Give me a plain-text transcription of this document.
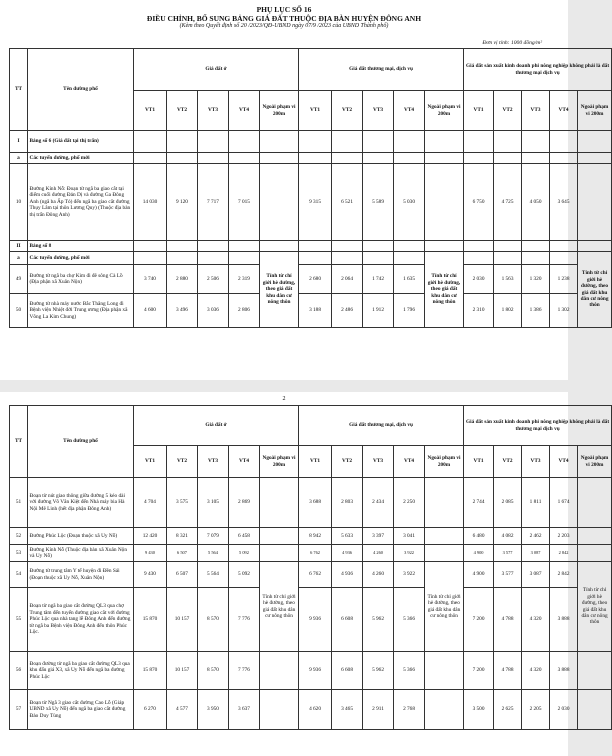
PHỤ LỤC SỐ 16
ĐIỀU CHỈNH, BỔ SUNG BẢNG GIÁ ĐẤT THUỘC ĐỊA BÀN HUYỆN ĐÔNG ANH
(Kèm theo Quyết định số 20 /2023/QĐ-UBND ngày 07/9 /2023 của UBND Thành phố)
Đơn vị tính: 1000 đồng/m²
TT	Tên đường phố	Giá đất ở					Giá đất thương mại, dịch vụ					Giá đất sản xuất kinh doanh phi nông nghiệp không phải là đất thương mại dịch vụ				
		VT1	VT2	VT3	VT4	Ngoài phạm vi 200m	VT1	VT2	VT3	VT4	Ngoài phạm vi 200m	VT1	VT2	VT3	VT4	Ngoài phạm vi 200m
I	Bảng số 6 (Giá đất tại thị trấn)															
a	Các tuyến đường, phố mới															
10	Đường Kính Nỗ: Đoạn từ ngã ba giao cắt tại điểm cuối đường Đản Dị và đường Ga Đông Anh (ngã ba Ấp Tó) đến ngã ba giao cắt đường Thụy Lâm tại thôn Lương Quy) (Thuộc địa bàn thị trấn Đông Anh)	14 030	9 120	7 717	7 015		9 315	6 521	5 589	5 030		6 750	4 725	4 050	3 645	
II	Bảng số 8															
a	Các tuyến đường, phố mới					Tính từ chỉ giới hè đường, theo giá đất khu dân cư nông thôn					Tính từ chỉ giới hè đường, theo giá đất khu dân cư nông thôn					Tính từ chỉ giới hè đường, theo giá đất khu dân cư nông thôn
49	Đường từ ngã ba chợ Kim đi đê sông Cà Lồ (Địa phận xã Xuân Nộn)	3 740	2 880	2 506	2 319		2 680	2 064	1 742	1 635		2 030	1 563	1 320	1 238	
50	Đường từ nhà máy nước Bắc Thăng Long đi Bệnh viện Nhiệt đới Trung ương (Địa phận xã Võng La Kim Chung)	4 600	3 496	3 036	2 806		3 188	2 486	1 912	1 796		2 310	1 802	1 386	1 302	
2
TT	Tên đường phố	Giá đất ở					Giá đất thương mại, dịch vụ					Giá đất sản xuất kinh doanh phi nông nghiệp không phải là đất thương mại dịch vụ				
		VT1	VT2	VT3	VT4	Ngoài phạm vi 200m	VT1	VT2	VT3	VT4	Ngoài phạm vi 200m	VT1	VT2	VT3	VT4	Ngoài phạm vi 200m
51	Đoạn từ nút giao thông giữa đường 5 kéo dài với đường Võ Văn Kiệt đến Nhà máy bia Hà Nội Mê Linh (hết địa phận Đông Anh)	4 704	3 575	3 105	2 869		3 688	2 803	2 434	2 250		2 744	2 085	1 811	1 674	
52	Đường Phúc Lộc (Đoạn thuộc xã Uy Nỗ)	12 420	8 321	7 079	6 458		8 942	5 633	3 397	3 041		6 480	4 082	2 462	2 203	
53	Đường Kính Nỗ (Thuộc địa bàn xã Xuân Nộn và Uy Nỗ)	9 430	6 507	5 564	5 092		6 762	4 936	4 260	3 922		4 900	3 577	3 087	2 842	
54	Đường từ trung tâm Y tế huyện đi Đền Sái (Đoạn thuộc xã Uy Nỗ, Xuân Nộn)	9 430	6 507	5 564	5 092	Tính từ chỉ giới hè đường, theo giá đất khu dân cư nông thôn	6 762	4 936	4 260	3 922	Tính từ chỉ giới hè đường, theo giá đất khu dân cư nông thôn	4 900	3 577	3 087	2 842	Tính từ chỉ giới hè đường, theo giá đất khu dân cư nông thôn
55	Đoạn từ ngã ba giao cắt đường QL3 qua chợ Trung tâm đến tuyến đường giao cắt với đường Phúc Lộc qua nhà tang lễ Đông Anh đến đường từ ngã ba Bệnh viện Đông Anh đến thôn Phúc Lộc.	15 870	10 157	8 570	7 776		9 936	6 608	5 962	5 366		7 200	4 788	4 320	3 888	
56	Đoạn đường từ ngã ba giao cắt đường QL3 qua khu đấu giá X3, xã Uy Nỗ đến ngã ba đường Phúc Lộc	15 870	10 157	8 570	7 776		9 936	6 608	5 962	5 366		7 200	4 788	4 320	3 888	
57	Đoạn từ Ngã 3 giao cắt đường Cao Lỗ (Giáp UBND xã Uy Nỗ) đến ngã ba giao cắt đường Đào Duy Tùng	6 270	4 577	3 950	3 637		4 620	3 465	2 911	2 768		3 500	2 625	2 205	2 030	
